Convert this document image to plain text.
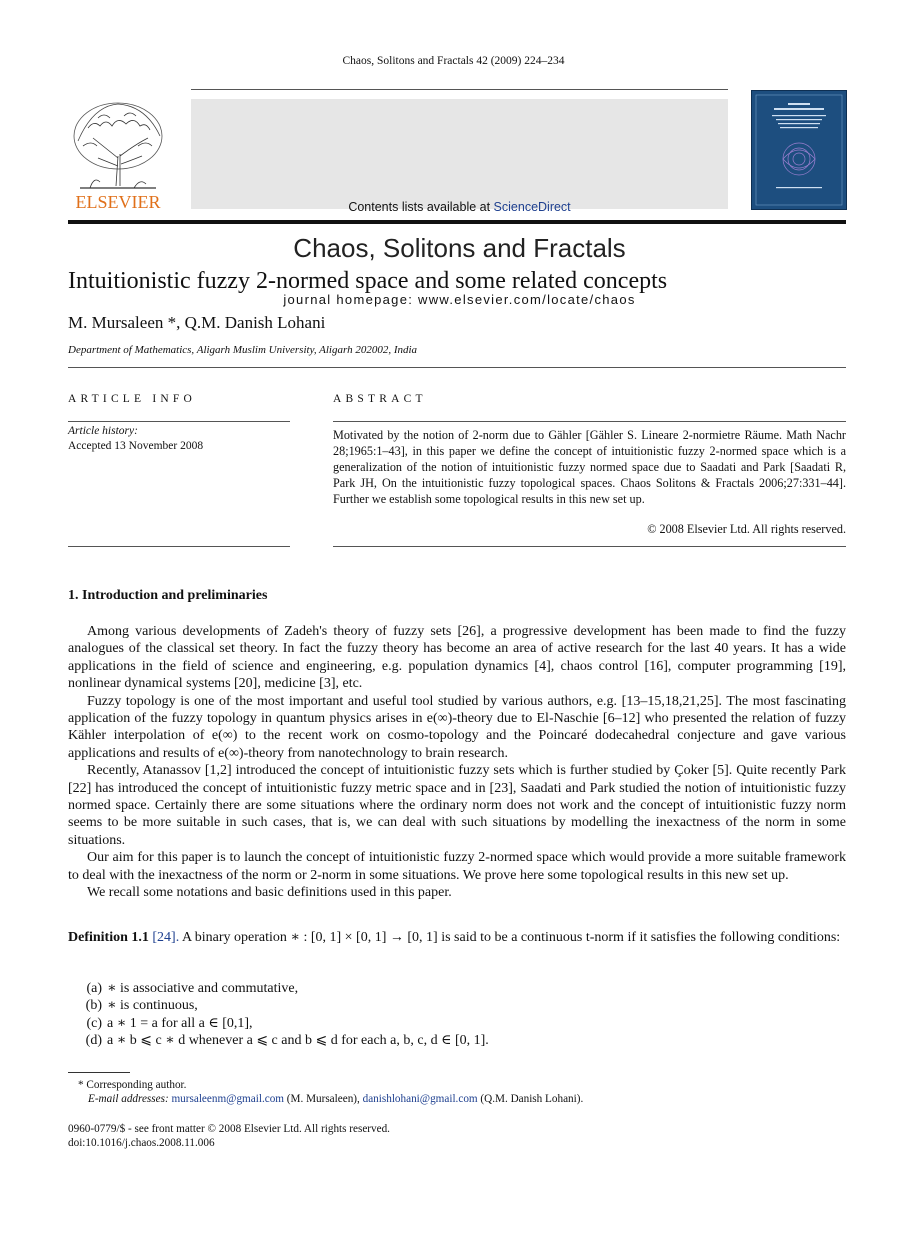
Chaos, Solitons and Fractals 42 (2009) 224–234
ELSEVIER	Contents lists available at ScienceDirect
Chaos, Solitons and Fractals
journal homepage: www.elsevier.com/locate/chaos
Intuitionistic fuzzy 2-normed space and some related concepts
M. Mursaleen *, Q.M. Danish Lohani
Department of Mathematics, Aligarh Muslim University, Aligarh 202002, India
ARTICLE INFO
Article history:
Accepted 13 November 2008
ABSTRACT
Motivated by the notion of 2-norm due to Gähler [Gähler S. Lineare 2-normietre Räume. Math Nachr 28;1965:1–43], in this paper we define the concept of intuitionistic fuzzy 2-normed space which is a generalization of the notion of intuitionistic fuzzy normed space due to Saadati and Park [Saadati R, Park JH, On the intuitionistic fuzzy topological spaces. Chaos Solitons & Fractals 2006;27:331–44]. Further we establish some topological results in this new set up.
© 2008 Elsevier Ltd. All rights reserved.
1. Introduction and preliminaries

Among various developments of Zadeh's theory of fuzzy sets [26], a progressive development has been made to find the fuzzy analogues of the classical set theory. In fact the fuzzy theory has become an area of active research for the last 40 years. It has a wide applications in the field of science and engineering, e.g. population dynamics [4], chaos control [16], computer programming [19], nonlinear dynamical systems [20], medicine [3], etc.

Fuzzy topology is one of the most important and useful tool studied by various authors, e.g. [13–15,18,21,25]. The most fascinating application of the fuzzy topology in quantum physics arises in e(∞)-theory due to El-Naschie [6–12] who presented the relation of fuzzy Kähler interpolation of e(∞) to the recent work on cosmo-topology and the Poincaré dodecahedral conjecture and gave various applications and results of e(∞)-theory from nanotechnology to brain research.

Recently, Atanassov [1,2] introduced the concept of intuitionistic fuzzy sets which is further studied by Çoker [5]. Quite recently Park [22] has introduced the concept of intuitionistic fuzzy metric space and in [23], Saadati and Park studied the notion of intuitionistic fuzzy normed space. Certainly there are some situations where the ordinary norm does not work and the concept of intuitionistic fuzzy norm seems to be more suitable in such cases, that is, we can deal with such situations by modelling the inexactness of the norm in some situations.

Our aim for this paper is to launch the concept of intuitionistic fuzzy 2-normed space which would provide a more suitable framework to deal with the inexactness of the norm or 2-norm in some situations. We prove here some topological results in this new set up.

We recall some notations and basic definitions used in this paper.

Definition 1.1 [24]. A binary operation ∗ : [0, 1] × [0, 1] → [0, 1] is said to be a continuous t-norm if it satisfies the following conditions:
(a) ∗ is associative and commutative,
(b) ∗ is continuous,
(c) a ∗ 1 = a for all a ∈ [0,1],
(d) a ∗ b ⩽ c ∗ d whenever a ⩽ c and b ⩽ d for each a, b, c, d ∈ [0, 1].
* Corresponding author.
E-mail addresses: mursaleenm@gmail.com (M. Mursaleen), danishlohani@gmail.com (Q.M. Danish Lohani).
0960-0779/$ - see front matter © 2008 Elsevier Ltd. All rights reserved.
doi:10.1016/j.chaos.2008.11.006
